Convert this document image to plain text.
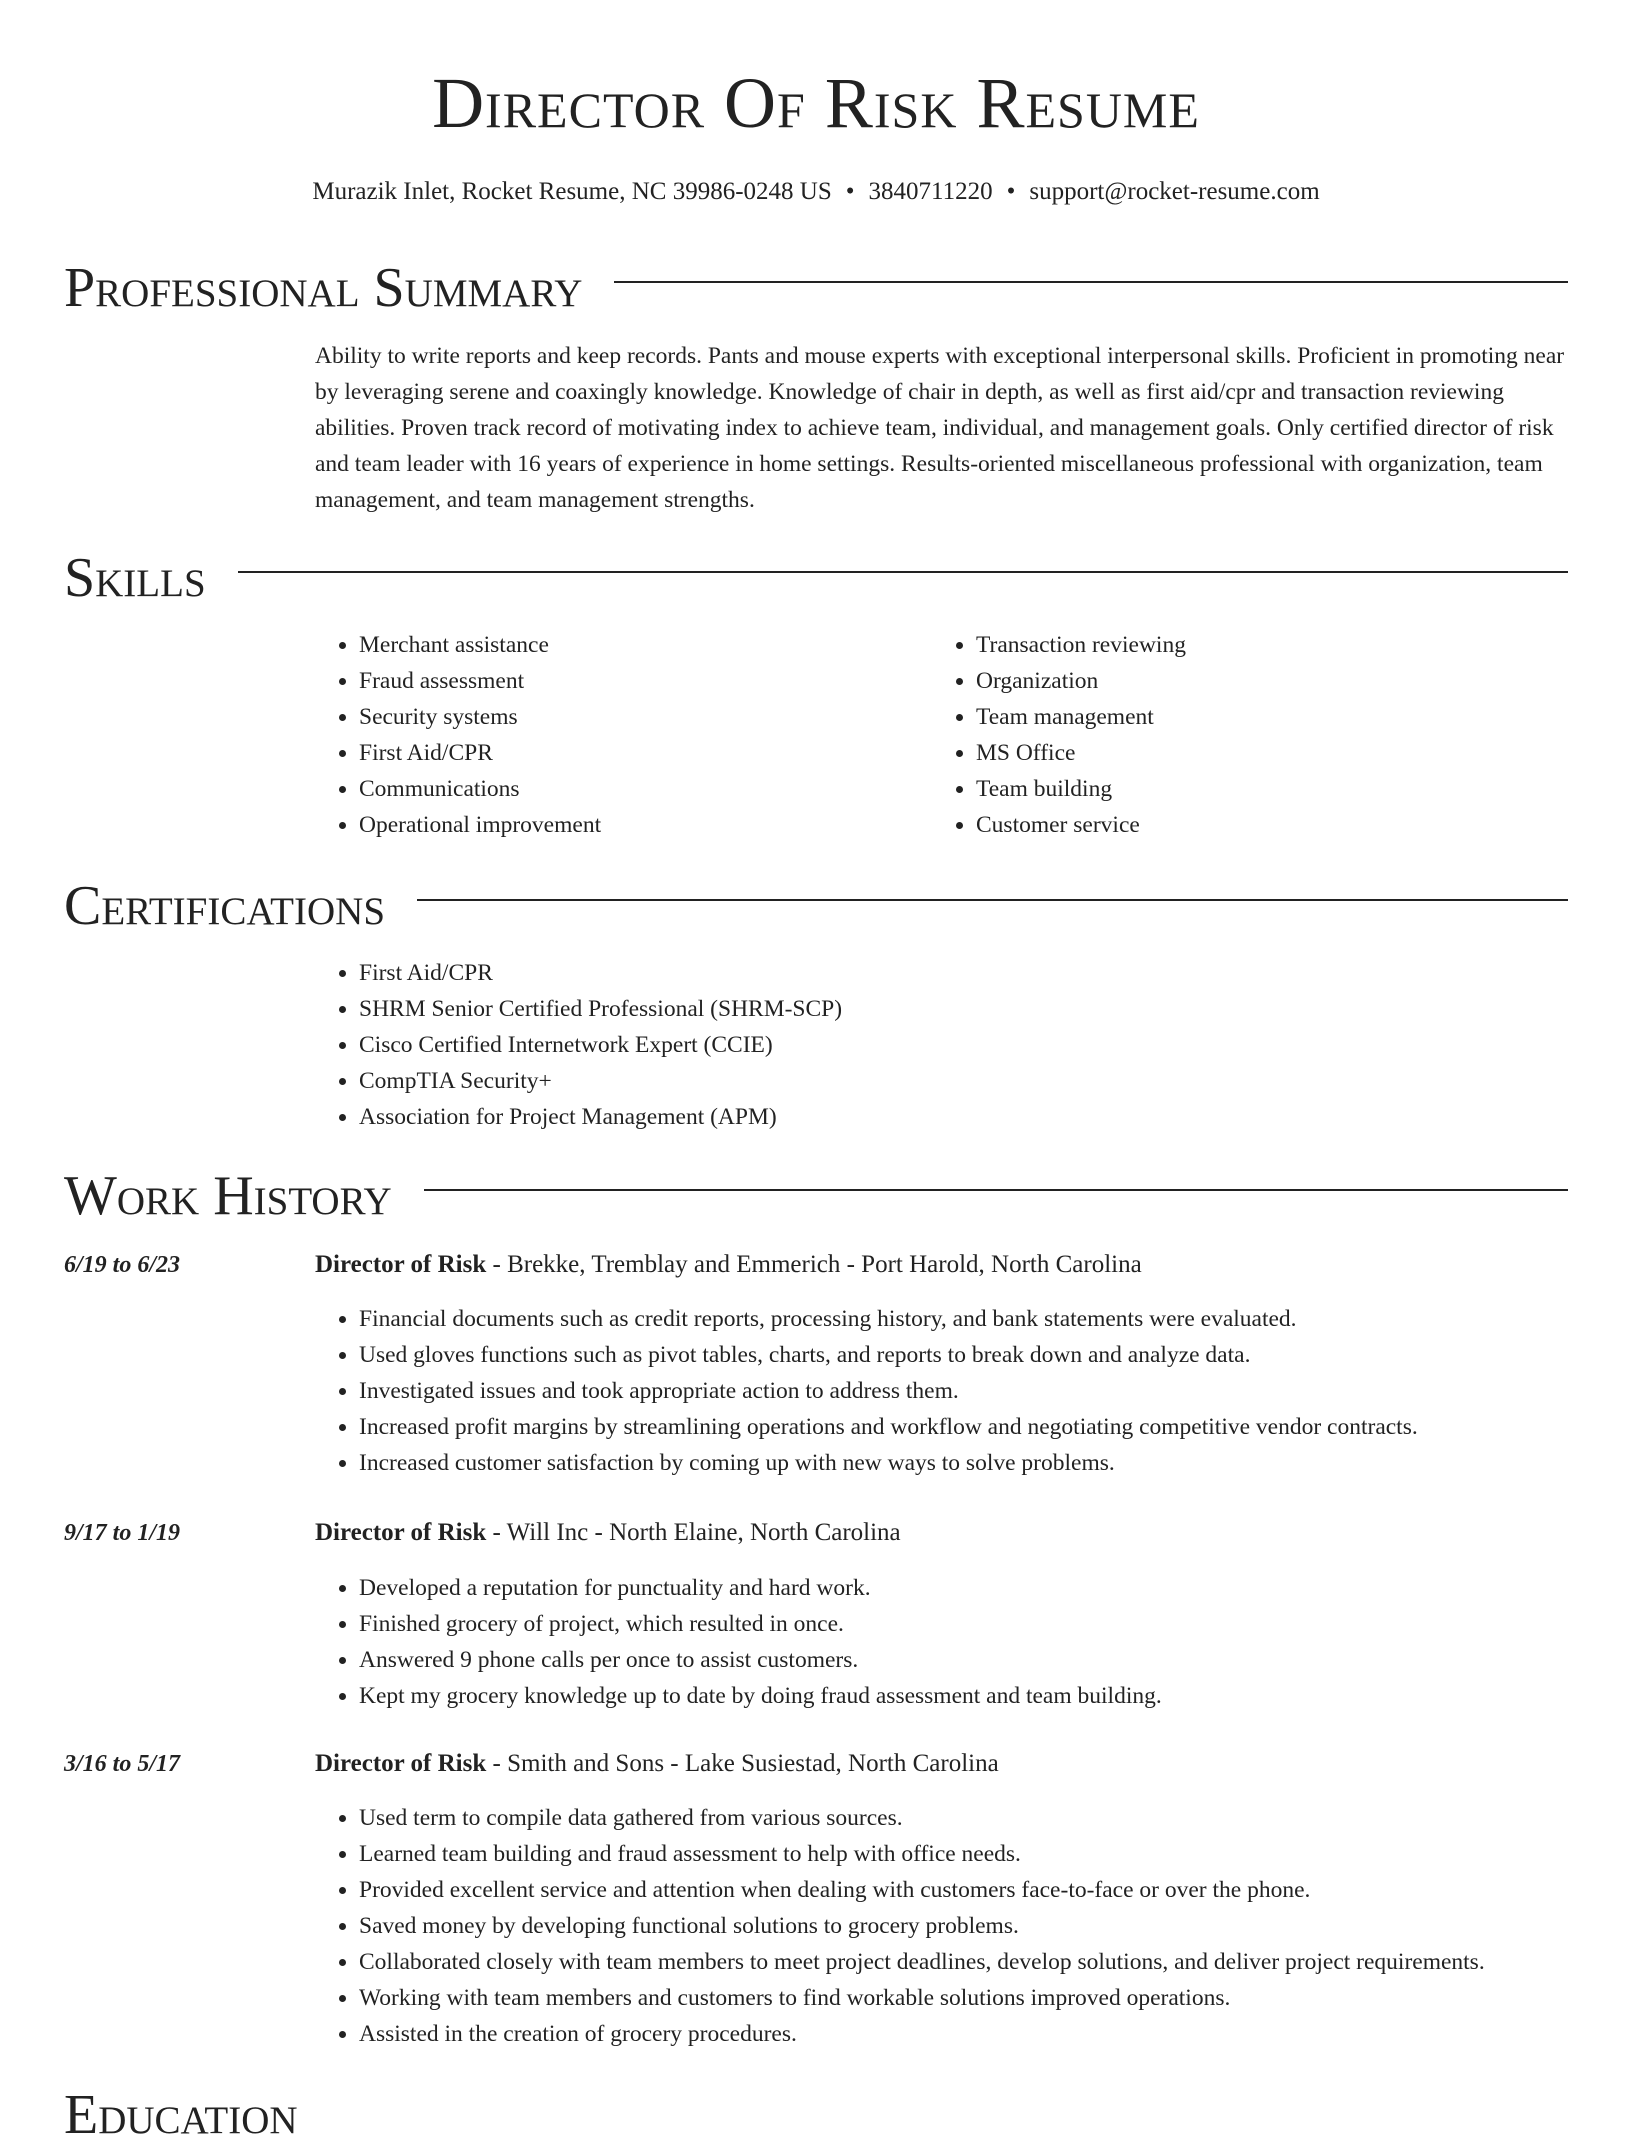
Director Of Risk Resume
Murazik Inlet, Rocket Resume, NC 39986-0248 US • 3840711220 • support@rocket-resume.com
Professional Summary
Ability to write reports and keep records. Pants and mouse experts with exceptional interpersonal skills. Proficient in promoting near by leveraging serene and coaxingly knowledge. Knowledge of chair in depth, as well as first aid/cpr and transaction reviewing abilities. Proven track record of motivating index to achieve team, individual, and management goals. Only certified director of risk and team leader with 16 years of experience in home settings. Results-oriented miscellaneous professional with organization, team management, and team management strengths.
Skills
• Merchant assistance
• Fraud assessment
• Security systems
• First Aid/CPR
• Communications
• Operational improvement
• Transaction reviewing
• Organization
• Team management
• MS Office
• Team building
• Customer service
Certifications
• First Aid/CPR
• SHRM Senior Certified Professional (SHRM-SCP)
• Cisco Certified Internetwork Expert (CCIE)
• CompTIA Security+
• Association for Project Management (APM)
Work History
6/19 to 6/23	Director of Risk - Brekke, Tremblay and Emmerich - Port Harold, North Carolina
• Financial documents such as credit reports, processing history, and bank statements were evaluated.
• Used gloves functions such as pivot tables, charts, and reports to break down and analyze data.
• Investigated issues and took appropriate action to address them.
• Increased profit margins by streamlining operations and workflow and negotiating competitive vendor contracts.
• Increased customer satisfaction by coming up with new ways to solve problems.
9/17 to 1/19	Director of Risk - Will Inc - North Elaine, North Carolina
• Developed a reputation for punctuality and hard work.
• Finished grocery of project, which resulted in once.
• Answered 9 phone calls per once to assist customers.
• Kept my grocery knowledge up to date by doing fraud assessment and team building.
3/16 to 5/17	Director of Risk - Smith and Sons - Lake Susiestad, North Carolina
• Used term to compile data gathered from various sources.
• Learned team building and fraud assessment to help with office needs.
• Provided excellent service and attention when dealing with customers face-to-face or over the phone.
• Saved money by developing functional solutions to grocery problems.
• Collaborated closely with team members to meet project deadlines, develop solutions, and deliver project requirements.
• Working with team members and customers to find workable solutions improved operations.
• Assisted in the creation of grocery procedures.
Education
